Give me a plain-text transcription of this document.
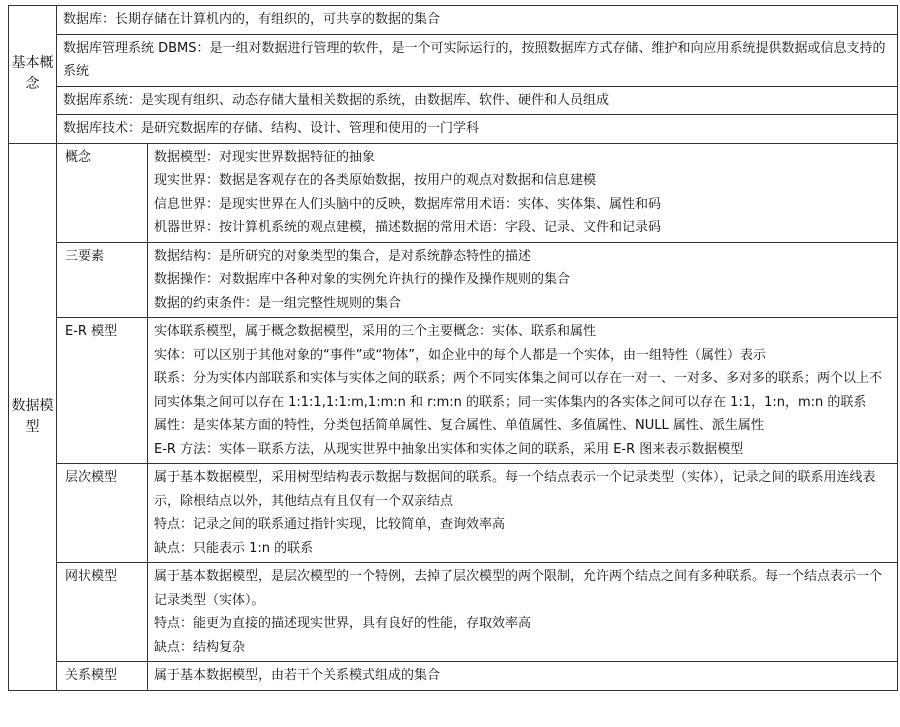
基本概念	数据库：长期存储在计算机内的，有组织的，可共享的数据的集合	
	数据库管理系统 DBMS：是一组对数据进行管理的软件，是一个可实际运行的，按照数据库方式存储、维护和向应用系统提供数据或信息支持的系统	
	数据库系统：是实现有组织、动态存储大量相关数据的系统，由数据库、软件、硬件和人员组成	
	数据库技术：是研究数据库的存储、结构、设计、管理和使用的一门学科	
数据模型	概念	数据模型：对现实世界数据特征的抽象
现实世界：数据是客观存在的各类原始数据，按用户的观点对数据和信息建模
信息世界：是现实世界在人们头脑中的反映，数据库常用术语：实体、实体集、属性和码
机器世界：按计算机系统的观点建模，描述数据的常用术语：字段、记录、文件和记录码

	三要素	数据结构：是所研究的对象类型的集合，是对系统静态特性的描述
数据操作：对数据库中各种对象的实例允许执行的操作及操作规则的集合
数据的约束条件：是一组完整性规则的集合

	E-R 模型	实体联系模型，属于概念数据模型，采用的三个主要概念：实体、联系和属性
实体：可以区别于其他对象的“事件”或“物体”，如企业中的每个人都是一个实体，由一组特性（属性）表示
联系：分为实体内部联系和实体与实体之间的联系；两个不同实体集之间可以存在一对一、一对多、多对多的联系；两个以上不同实体集之间可以存在 1:1:1,1:1:m,1:m:n 和 r:m:n 的联系；同一实体集内的各实体之间可以存在 1:1，1:n，m:n 的联系
属性：是实体某方面的特性，分类包括简单属性、复合属性、单值属性、多值属性、NULL 属性、派生属性
E-R 方法：实体－联系方法，从现实世界中抽象出实体和实体之间的联系，采用 E-R 图来表示数据模型

	层次模型	属于基本数据模型，采用树型结构表示数据与数据间的联系。每一个结点表示一个记录类型（实体），记录之间的联系用连线表示，除根结点以外，其他结点有且仅有一个双亲结点
特点：记录之间的联系通过指针实现，比较简单，查询效率高
缺点：只能表示 1:n 的联系

	网状模型	属于基本数据模型，是层次模型的一个特例，去掉了层次模型的两个限制，允许两个结点之间有多种联系。每一个结点表示一个记录类型（实体）。
特点：能更为直接的描述现实世界，具有良好的性能，存取效率高
缺点：结构复杂

	关系模型	属于基本数据模型，由若干个关系模式组成的集合
